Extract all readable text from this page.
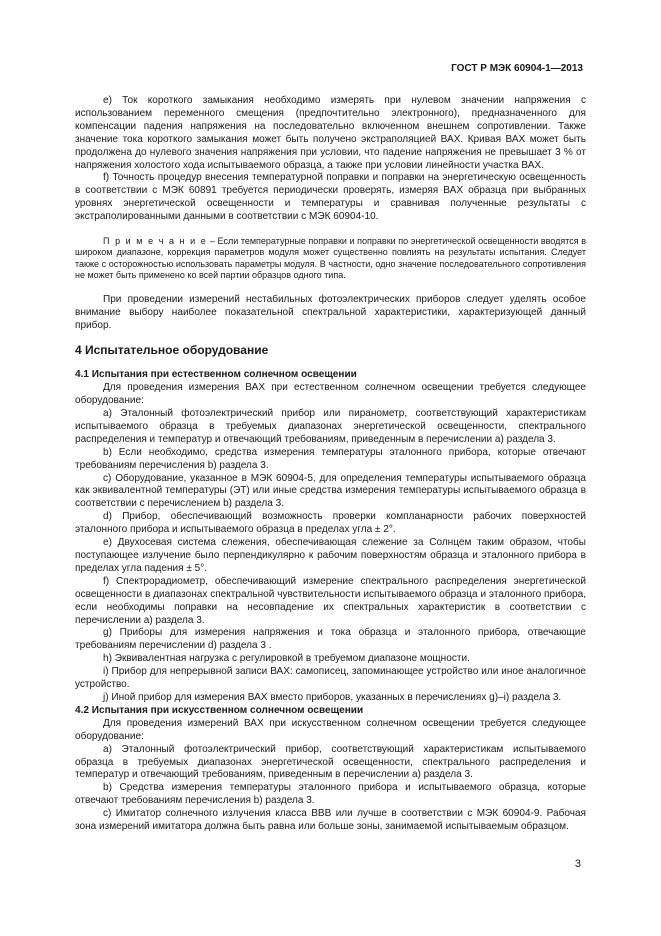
ГОСТ Р МЭК 60904-1—2013

e) Ток короткого замыкания необходимо измерять при нулевом значении напряжения с использованием переменного смещения (предпочтительно электронного), предназначенного для компенсации падения напряжения на последовательно включенном внешнем сопротивлении. Также значение тока короткого замыкания может быть получено экстраполяцией ВАХ. Кривая ВАХ может быть продолжена до нулевого значения напряжения при условии, что падение напряжения не превышает 3 % от напряжения холостого хода испытываемого образца, а также при условии линейности участка ВАХ.

f) Точность процедур внесения температурной поправки и поправки на энергетическую освещенность в соответствии с МЭК 60891 требуется периодически проверять, измеряя ВАХ образца при выбранных уровнях энергетической освещенности и температуры и сравнивая полученные результаты с экстраполированными данными в соответствии с МЭК 60904-10.

П р и м е ч а н и е – Если температурные поправки и поправки по энергетической освещенности вводятся в широком диапазоне, коррекция параметров модуля может существенно повлиять на результаты испытания. Следует также с осторожностью использовать параметры модуля. В частности, одно значение последовательного сопротивления не может быть применено ко всей партии образцов одного типа.

При проведении измерений нестабильных фотоэлектрических приборов следует уделять особое внимание выбору наиболее показательной спектральной характеристики, характеризующей данный прибор.

4 Испытательное оборудование

4.1 Испытания при естественном солнечном освещении

Для проведения измерения ВАХ при естественном солнечном освещении требуется следующее оборудование:

a) Эталонный фотоэлектрический прибор или пиранометр, соответствующий характеристикам испытываемого образца в требуемых диапазонах энергетической освещенности, спектрального распределения и температур и отвечающий требованиям, приведенным в перечислении a) раздела 3.

b) Если необходимо, средства измерения температуры эталонного прибора, которые отвечают требованиям перечисления b) раздела 3.

c) Оборудование, указанное в МЭК 60904-5, для определения температуры испытываемого образца как эквивалентной температуры (ЭТ) или иные средства измерения температуры испытываемого образца в соответствии с перечислением b) раздела 3.

d) Прибор, обеспечивающий возможность проверки компланарности рабочих поверхностей эталонного прибора и испытываемого образца в пределах угла ± 2°.

e) Двухосевая система слежения, обеспечивающая слежение за Солнцем таким образом, чтобы поступающее излучение было перпендикулярно к рабочим поверхностям образца и эталонного прибора в пределах угла падения ± 5°.

f) Спектрорадиометр, обеспечивающий измерение спектрального распределения энергетической освещенности в диапазонах спектральной чувствительности испытываемого образца и эталонного прибора, если необходимы поправки на несовпадение их спектральных характеристик в соответствии с перечислении a) раздела 3.

g) Приборы для измерения напряжения и тока образца и эталонного прибора, отвечающие требованиям перечислении d) раздела 3 .

h) Эквивалентная нагрузка с регулировкой в требуемом диапазоне мощности.

i) Прибор для непрерывной записи ВАХ: самописец, запоминающее устройство или иное аналогичное устройство.

j) Иной прибор для измерения ВАХ вместо приборов, указанных в перечислениях g)–i) раздела 3.

4.2 Испытания при искусственном солнечном освещении

Для проведения измерений ВАХ при искусственном солнечном освещении требуется следующее оборудование:

a) Эталонный фотоэлектрический прибор, соответствующий характеристикам испытываемого образца в требуемых диапазонах энергетической освещенности, спектрального распределения и температур и отвечающий требованиям, приведенным в перечислении a) раздела 3.

b) Средства измерения температуры эталонного прибора и испытываемого образца, которые отвечают требованиям перечисления b) раздела 3.

c) Имитатор солнечного излучения класса ВВВ или лучше в соответствии с МЭК 60904-9. Рабочая зона измерений имитатора должна быть равна или больше зоны, занимаемой испытываемым образцом.

3
